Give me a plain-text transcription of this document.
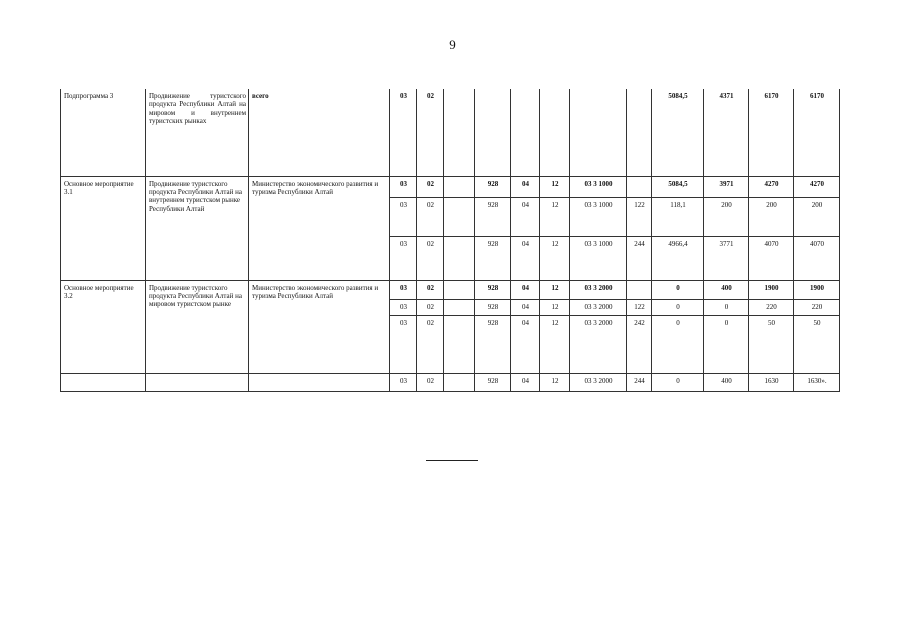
9
Подпрограмма 3	Продвижение туристского продукта Республики Алтай на мировом и внутреннем туристских рынках	всего	03	02							5084,5	4371	6170	6170
Основное мероприятие 3.1	Продвижение туристского продукта Республики Алтай на внутреннем туристском рынке Республики Алтай	Министерство экономического развития и туризма Республики Алтай	03	02		928	04	12	03 3 1000		5084,5	3971	4270	4270
			03	02		928	04	12	03 3 1000	122	118,1	200	200	200
			03	02		928	04	12	03 3 1000	244	4966,4	3771	4070	4070
Основное мероприятие 3.2	Продвижение туристского продукта Республики Алтай на мировом туристском рынке	Министерство экономического развития и туризма Республики Алтай	03	02		928	04	12	03 3 2000		0	400	1900	1900
			03	02		928	04	12	03 3 2000	122	0	0	220	220
			03	02		928	04	12	03 3 2000	242	0	0	50	50
			03	02		928	04	12	03 3 2000	244	0	400	1630	1630».
